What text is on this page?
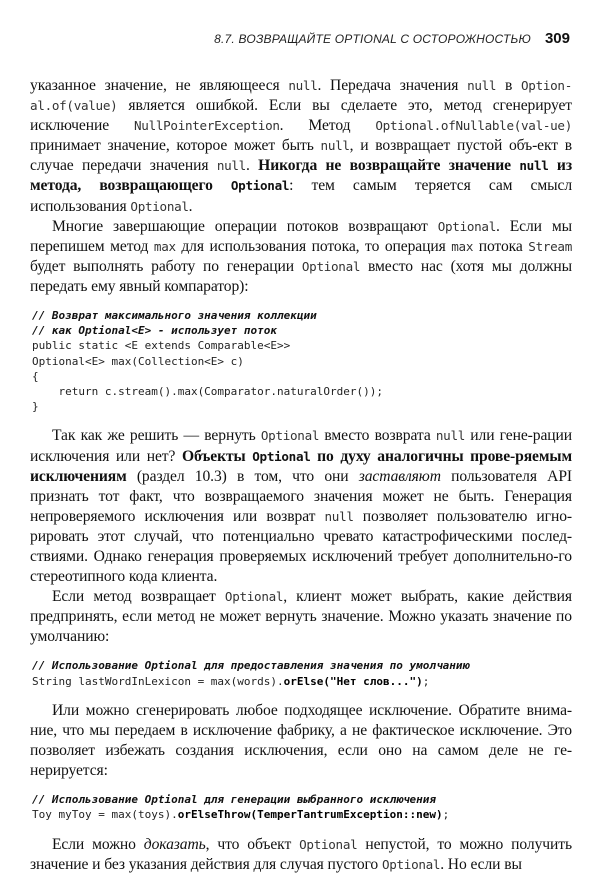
8.7. ВОЗВРАЩАЙТЕ OPTIONAL С ОСТОРОЖНОСТЬЮ 309

указанное значение, не являющееся null. Передача значения null в Option-al.of(value) является ошибкой. Если вы сделаете это, метод сгенерирует исключение NullPointerException. Метод Optional.ofNullable(val-ue) принимает значение, которое может быть null, и возвращает пустой объ-ект в случае передачи значения null. Никогда не возвращайте значение null из метода, возвращающего Optional: тем самым теряется сам смысл использования Optional.

Многие завершающие операции потоков возвращают Optional. Если мы перепишем метод max для использования потока, то операция max потока Stream будет выполнять работу по генерации Optional вместо нас (хотя мы должны передать ему явный компаратор):

// Возврат максимального значения коллекции
// как Optional<E> - использует поток
public static <E extends Comparable<E>>
Optional<E> max(Collection<E> c)
{
return c.stream().max(Comparator.naturalOrder());
}

Так как же решить — вернуть Optional вместо возврата null или гене-рации исключения или нет? Объекты Optional по духу аналогичны прове-ряемым исключениям (раздел 10.3) в том, что они заставляют пользователя API признать тот факт, что возвращаемого значения может не быть. Генерация непроверяемого исключения или возврат null позволяет пользователю игно-рировать этот случай, что потенциально чревато катастрофическими послед-ствиями. Однако генерация проверяемых исключений требует дополнительно-го стереотипного кода клиента.

Если метод возвращает Optional, клиент может выбрать, какие действия предпринять, если метод не может вернуть значение. Можно указать значение по умолчанию:

// Использование Optional для предоставления значения по умолчанию
String lastWordInLexicon = max(words).orElse("Нет слов...");

Или можно сгенерировать любое подходящее исключение. Обратите внима-ние, что мы передаем в исключение фабрику, а не фактическое исключение. Это позволяет избежать создания исключения, если оно на самом деле не ге-нерируется:

// Использование Optional для генерации выбранного исключения
Toy myToy = max(toys).orElseThrow(TemperTantrumException::new);

Если можно доказать, что объект Optional непустой, то можно получить значение и без указания действия для случая пустого Optional. Но если вы
